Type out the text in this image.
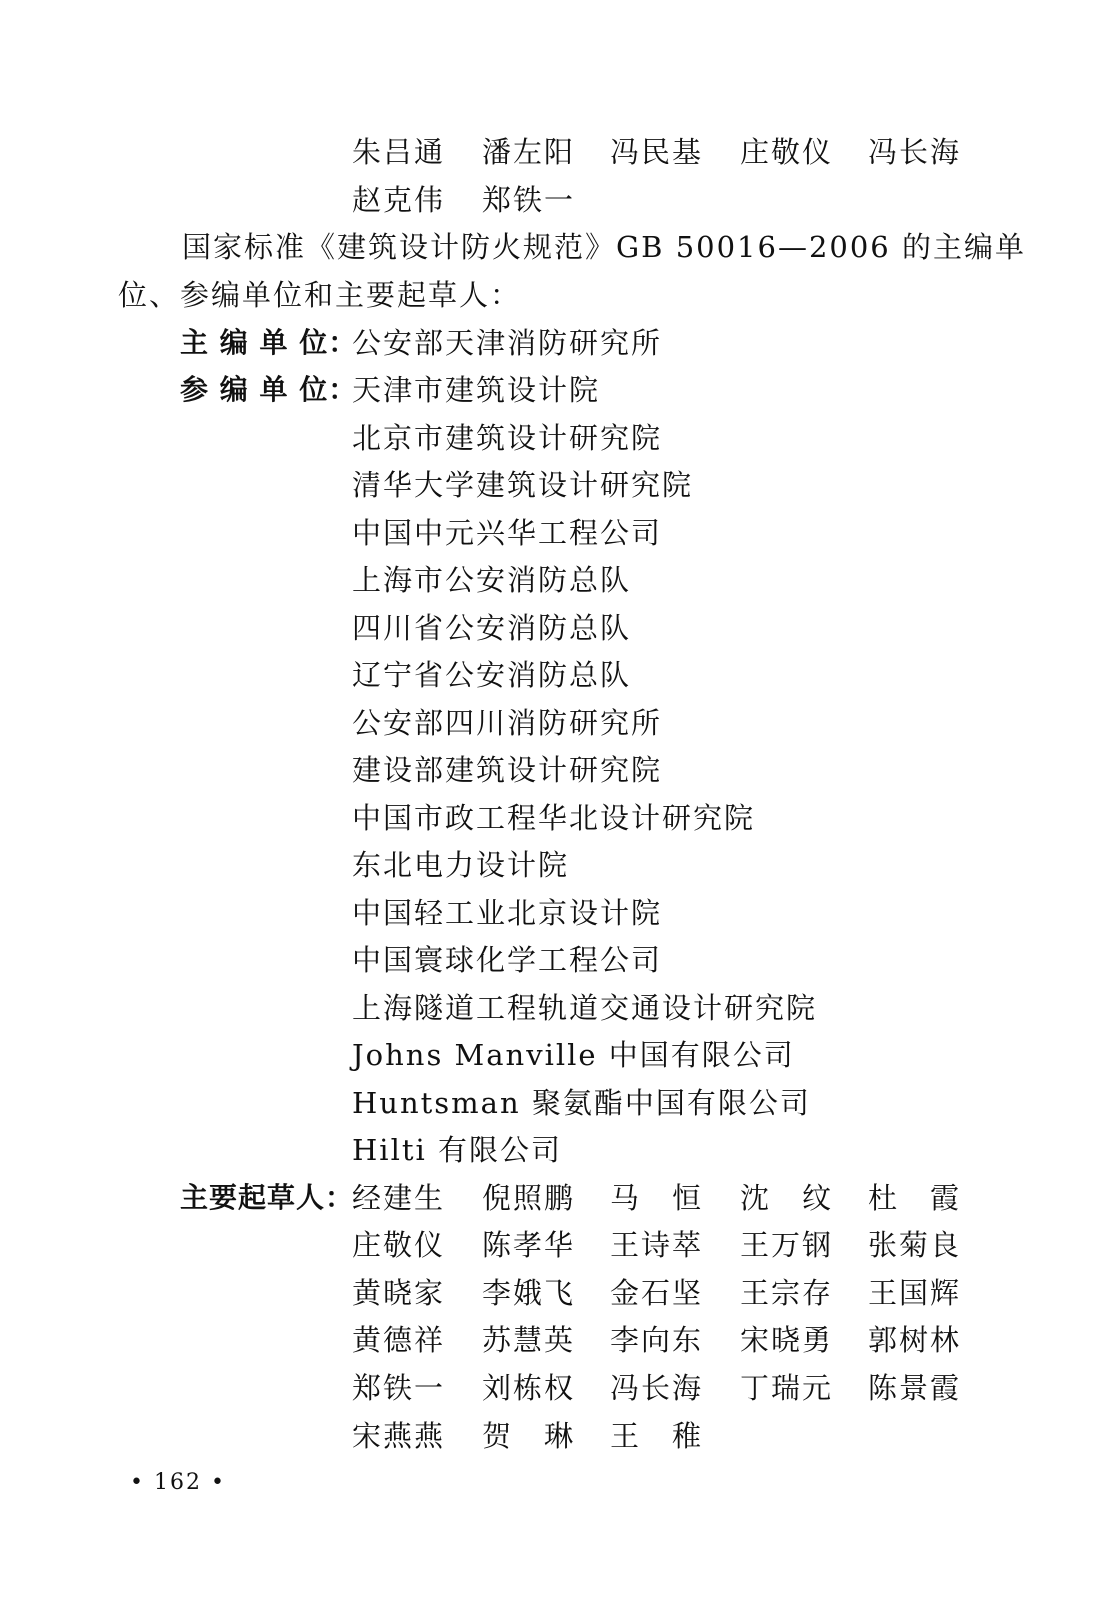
朱吕通 潘左阳 冯民基 庄敬仪 冯长海
赵克伟 郑铁一
国家标准《建筑设计防火规范》GB 50016—2006 的主编单
位、参编单位和主要起草人：
主 编 单 位：
公安部天津消防研究所
参 编 单 位：
天津市建筑设计院
北京市建筑设计研究院
清华大学建筑设计研究院
中国中元兴华工程公司
上海市公安消防总队
四川省公安消防总队
辽宁省公安消防总队
公安部四川消防研究所
建设部建筑设计研究院
中国市政工程华北设计研究院
东北电力设计院
中国轻工业北京设计院
中国寰球化学工程公司
上海隧道工程轨道交通设计研究院
Johns Manville 中国有限公司
Huntsman 聚氨酯中国有限公司
Hilti 有限公司
主要起草人：
经建生 倪照鹏 马　恒 沈　纹 杜　霞
庄敬仪 陈孝华 王诗萃 王万钢 张菊良
黄晓家 李娥飞 金石坚 王宗存 王国辉
黄德祥 苏慧英 李向东 宋晓勇 郭树林
郑铁一 刘栋权 冯长海 丁瑞元 陈景霞
宋燕燕 贺　琳 王　稚
• 162 •
